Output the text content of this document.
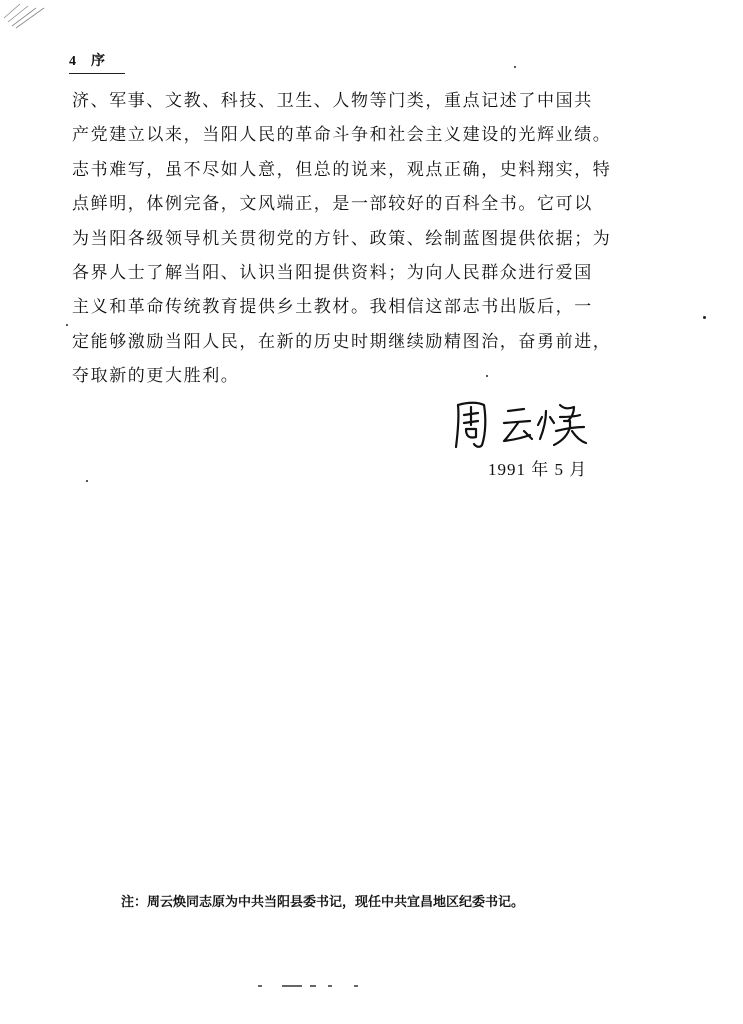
4 序
济、军事、文教、科技、卫生、人物等门类，重点记述了中国共
产党建立以来，当阳人民的革命斗争和社会主义建设的光辉业绩。
志书难写，虽不尽如人意，但总的说来，观点正确，史料翔实，特
点鲜明，体例完备，文风端正，是一部较好的百科全书。它可以
为当阳各级领导机关贯彻党的方针、政策、绘制蓝图提供依据；为
各界人士了解当阳、认识当阳提供资料；为向人民群众进行爱国
主义和革命传统教育提供乡土教材。我相信这部志书出版后，一
定能够激励当阳人民，在新的历史时期继续励精图治，奋勇前进，
夺取新的更大胜利。
1991 年 5 月
注：周云焕同志原为中共当阳县委书记，现任中共宜昌地区纪委书记。
